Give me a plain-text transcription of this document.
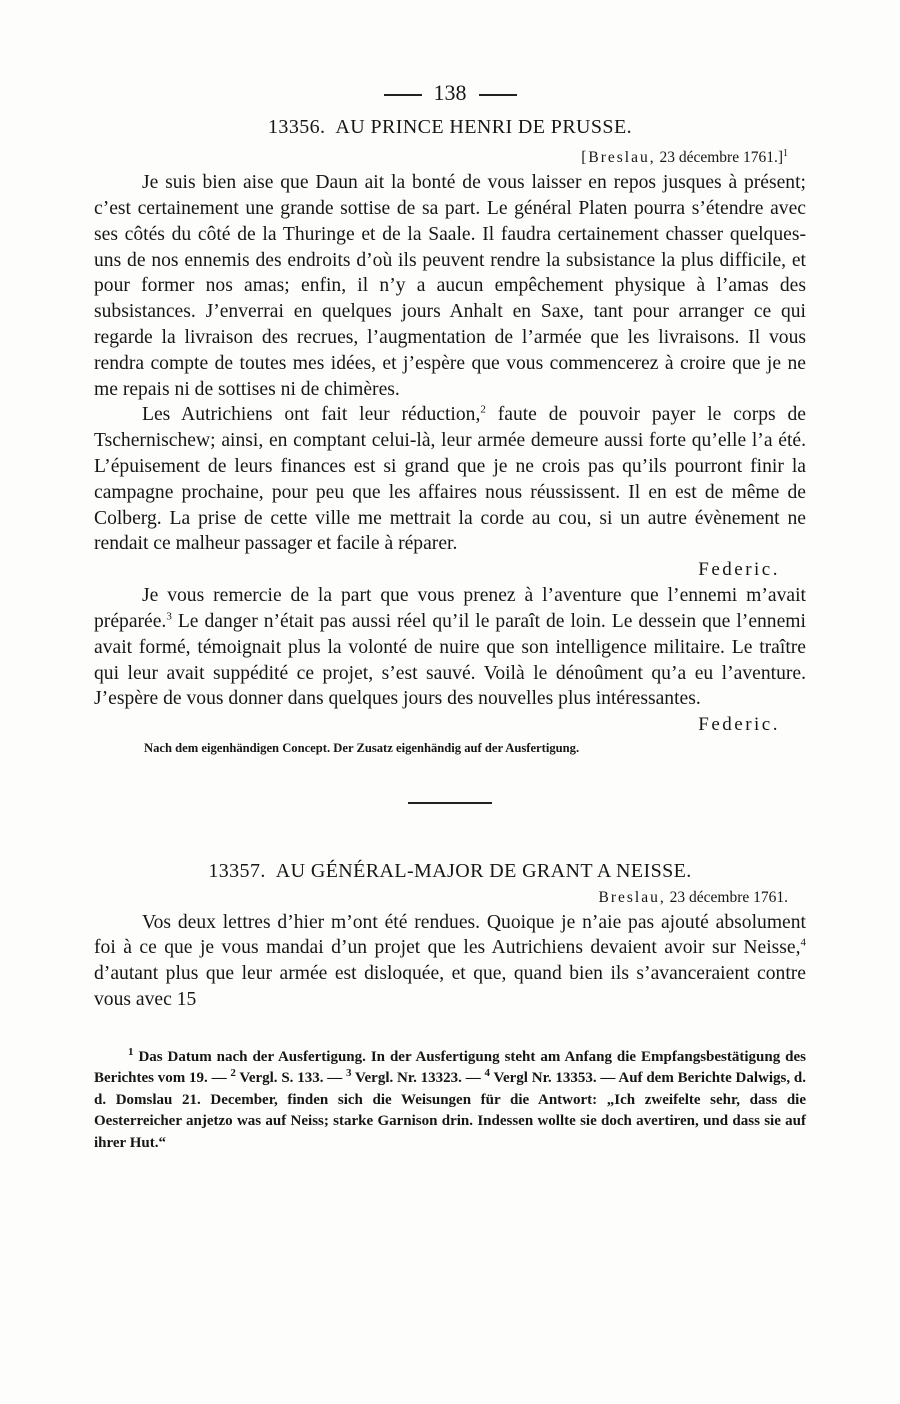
138
13356. AU PRINCE HENRI DE PRUSSE.
[Breslau, 23 décembre 1761.]$^1$

Je suis bien aise que Daun ait la bonté de vous laisser en repos jusques à présent; c’est certainement une grande sottise de sa part. Le général Platen pourra s’étendre avec ses côtés du côté de la Thuringe et de la Saale. Il faudra certainement chasser quelques-uns de nos ennemis des endroits d’où ils peuvent rendre la subsistance la plus difficile, et pour former nos amas; enfin, il n’y a aucun empêchement physique à l’amas des subsistances. J’enverrai en quelques jours Anhalt en Saxe, tant pour arranger ce qui regarde la livraison des recrues, l’augmentation de l’armée que les livraisons. Il vous rendra compte de toutes mes idées, et j’espère que vous commencerez à croire que je ne me repais ni de sottises ni de chimères.

Les Autrichiens ont fait leur réduction,$^2$ faute de pouvoir payer le corps de Tschernischew; ainsi, en comptant celui-là, leur armée demeure aussi forte qu’elle l’a été. L’épuisement de leurs finances est si grand que je ne crois pas qu’ils pourront finir la campagne prochaine, pour peu que les affaires nous réussissent. Il en est de même de Colberg. La prise de cette ville me mettrait la corde au cou, si un autre évènement ne rendait ce malheur passager et facile à réparer.

Federic.

Je vous remercie de la part que vous prenez à l’aventure que l’ennemi m’avait préparée.$^3$ Le danger n’était pas aussi réel qu’il le paraît de loin. Le dessein que l’ennemi avait formé, témoignait plus la volonté de nuire que son intelligence militaire. Le traître qui leur avait suppédité ce projet, s’est sauvé. Voilà le dénoûment qu’a eu l’aventure. J’espère de vous donner dans quelques jours des nouvelles plus intéressantes.

Federic.
Nach dem eigenhändigen Concept. Der Zusatz eigenhändig auf der Ausfertigung.
13357. AU GÉNÉRAL-MAJOR DE GRANT A NEISSE.
Breslau, 23 décembre 1761.

Vos deux lettres d’hier m’ont été rendues. Quoique je n’aie pas ajouté absolument foi à ce que je vous mandai d’un projet que les Autrichiens devaient avoir sur Neisse,$^4$ d’autant plus que leur armée est disloquée, et que, quand bien ils s’avanceraient contre vous avec 15

$^1$ Das Datum nach der Ausfertigung. In der Ausfertigung steht am Anfang die Empfangsbestätigung des Berichtes vom 19. — $^2$ Vergl. S. 133. — $^3$ Vergl. Nr. 13323. — $^4$ Vergl Nr. 13353. — Auf dem Berichte Dalwigs, d. d. Domslau 21. December, finden sich die Weisungen für die Antwort: „Ich zweifelte sehr, dass die Oesterreicher anjetzo was auf Neiss; starke Garnison drin. Indessen wollte sie doch avertiren, und dass sie auf ihrer Hut.“
